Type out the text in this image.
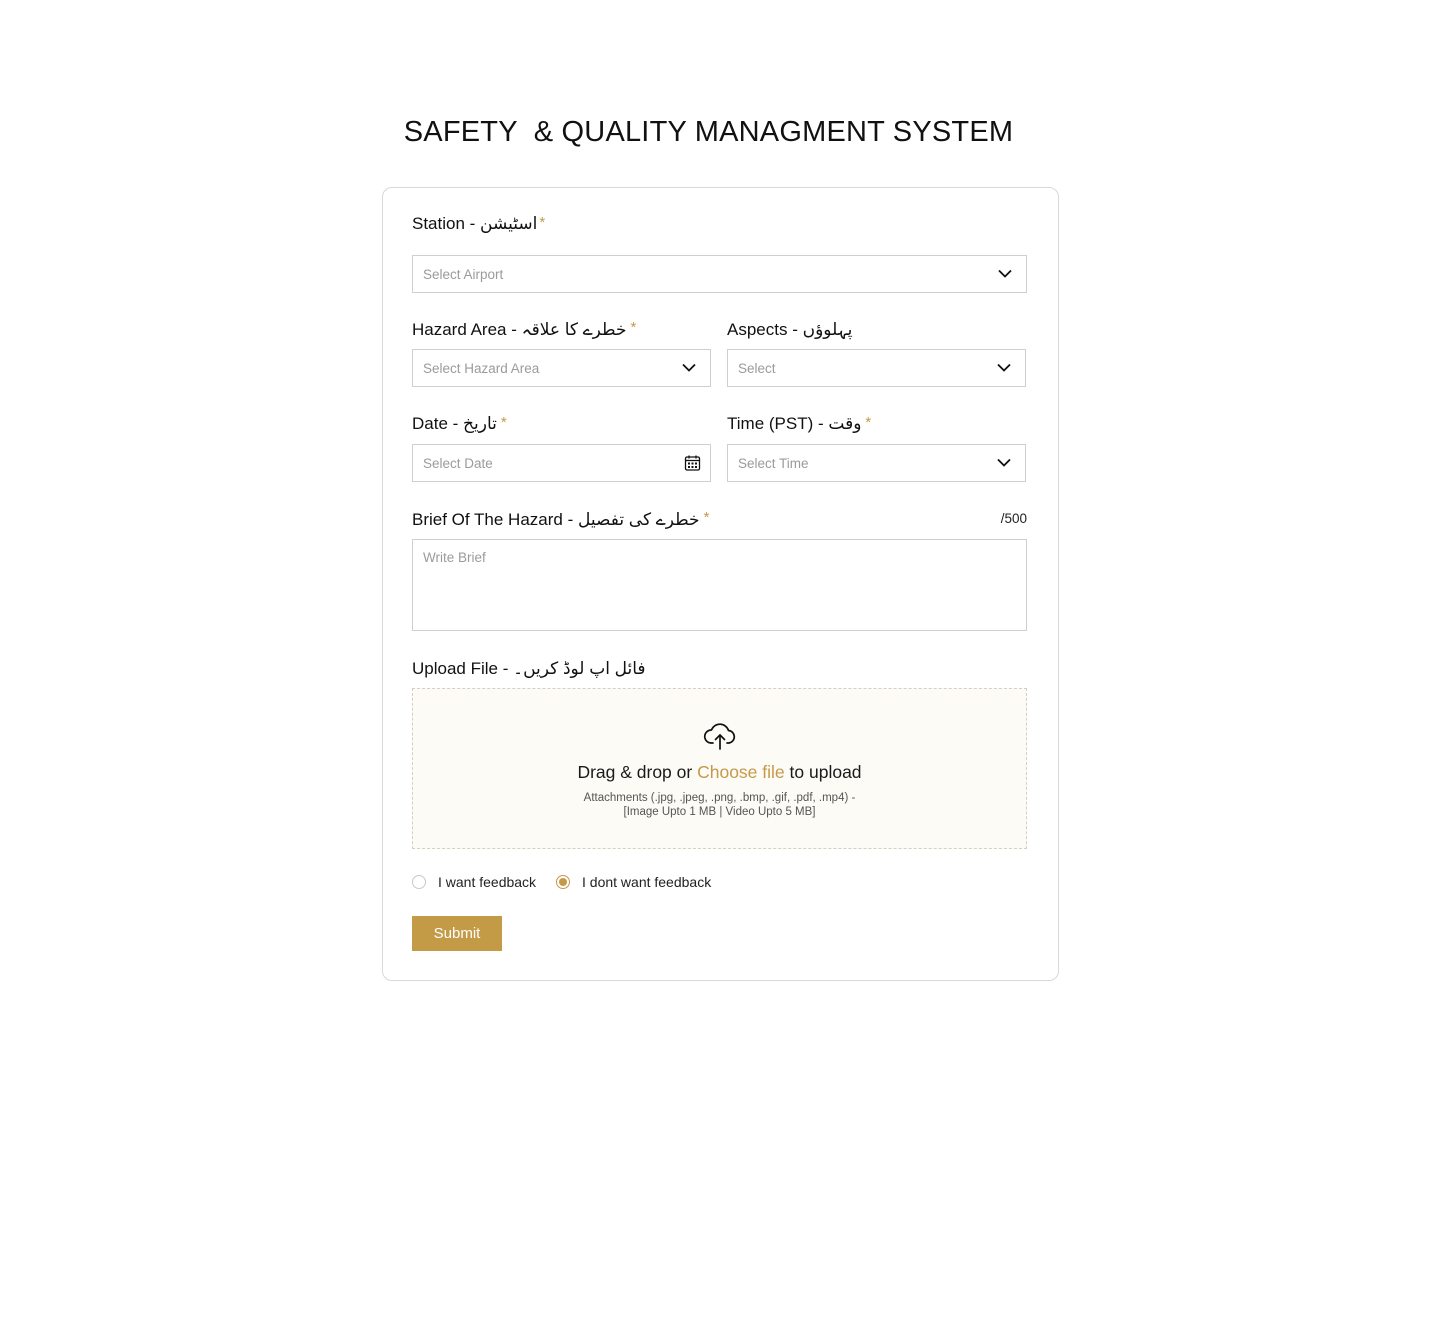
SAFETY  & QUALITY MANAGMENT SYSTEM
Station - اسٹیشن *
Select Airport
Hazard Area - خطرے کا علاقہ *
Select Hazard Area
Aspects - پہلوؤں
Select
Date - تاریخ *
Select Date
Time (PST) - وقت *
Select Time
Brief Of The Hazard - خطرے کی تفصیل *	/500
Write Brief
Upload File - فائل اپ لوڈ کریں۔
Drag & drop or Choose file to upload
Attachments (.jpg, .jpeg, .png, .bmp, .gif, .pdf, .mp4) -
[Image Upto 1 MB | Video Upto 5 MB]
I want feedback	I dont want feedback
Submit
